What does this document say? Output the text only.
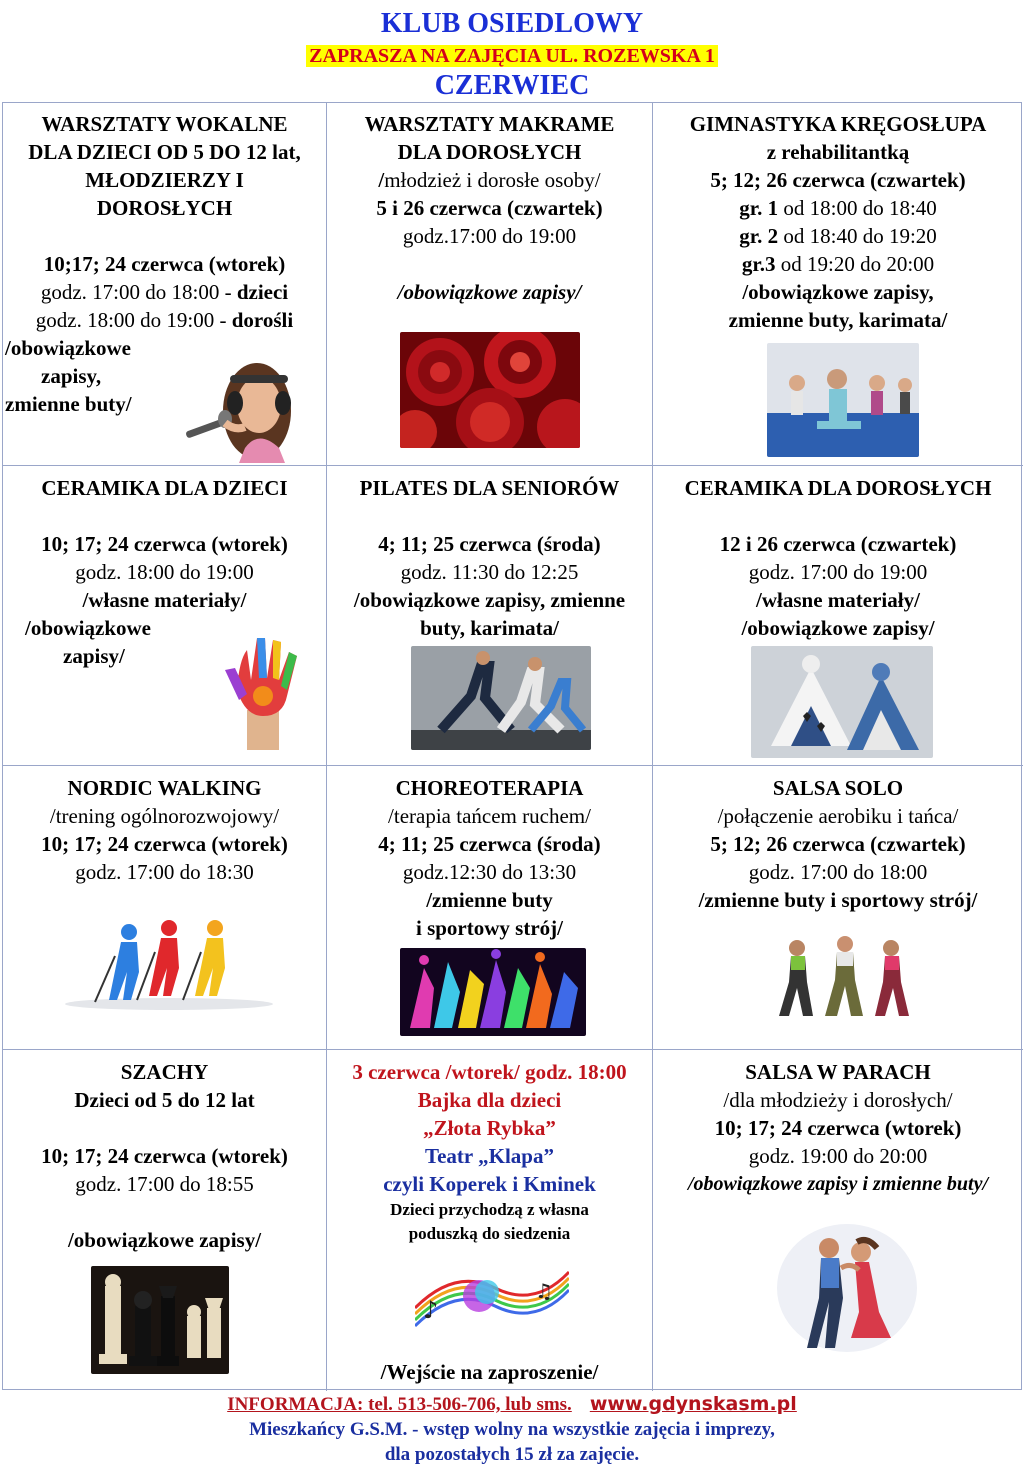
KLUB OSIEDLOWY
ZAPRASZA NA ZAJĘCIA UL. ROZEWSKA 1
CZERWIEC
WARSZTATY WOKALNE
DLA DZIECI OD 5 DO 12 lat,
MŁODZIERZY I
DOROSŁYCH
10;17; 24 czerwca (wtorek)
godz. 17:00 do 18:00 - dzieci
godz. 18:00 do 19:00 - dorośli
/obowiązkowe
zapisy,
zmienne buty/
WARSZTATY MAKRAME
DLA DOROSŁYCH
/młodzież i dorosłe osoby/
5 i 26 czerwca (czwartek)
godz.17:00 do 19:00
/obowiązkowe zapisy/
GIMNASTYKA KRĘGOSŁUPA
z rehabilitantką
5; 12; 26 czerwca (czwartek)
gr. 1 od 18:00 do 18:40
gr. 2 od 18:40 do 19:20
gr.3 od 19:20 do 20:00
/obowiązkowe zapisy,
zmienne buty, karimata/
CERAMIKA DLA DZIECI
10; 17; 24 czerwca (wtorek)
godz. 18:00 do 19:00
/własne materiały/
/obowiązkowe
zapisy/
PILATES DLA SENIORÓW
4; 11; 25 czerwca (środa)
godz. 11:30 do 12:25
/obowiązkowe zapisy, zmienne
buty, karimata/
CERAMIKA DLA DOROSŁYCH
12 i 26 czerwca (czwartek)
godz. 17:00 do 19:00
/własne materiały/
/obowiązkowe zapisy/
NORDIC WALKING
/trening ogólnorozwojowy/
10; 17; 24 czerwca (wtorek)
godz. 17:00 do 18:30
CHOREOTERAPIA
/terapia tańcem ruchem/
4; 11; 25 czerwca (środa)
godz.12:30 do 13:30
/zmienne buty
i sportowy strój/
SALSA SOLO
/połączenie aerobiku i tańca/
5; 12; 26 czerwca (czwartek)
godz. 17:00 do 18:00
/zmienne buty i sportowy strój/
SZACHY
Dzieci od 5 do 12 lat
10; 17; 24 czerwca (wtorek)
godz. 17:00 do 18:55
/obowiązkowe zapisy/
3 czerwca /wtorek/ godz. 18:00
Bajka dla dzieci
„Złota Rybka”
Teatr „Klapa”
czyli Koperek i Kminek
Dzieci przychodzą z własna
poduszką do siedzenia
♪
♫
/Wejście na zaproszenie/
SALSA W PARACH
/dla młodzieży i dorosłych/
10; 17; 24 czerwca (wtorek)
godz. 19:00 do 20:00
/obowiązkowe zapisy i zmienne buty/
INFORMACJA: tel. 513-506-706, lub sms. www.gdynskasm.pl
Mieszkańcy G.S.M. - wstęp wolny na wszystkie zajęcia i imprezy,
dla pozostałych 15 zł za zajęcie.
